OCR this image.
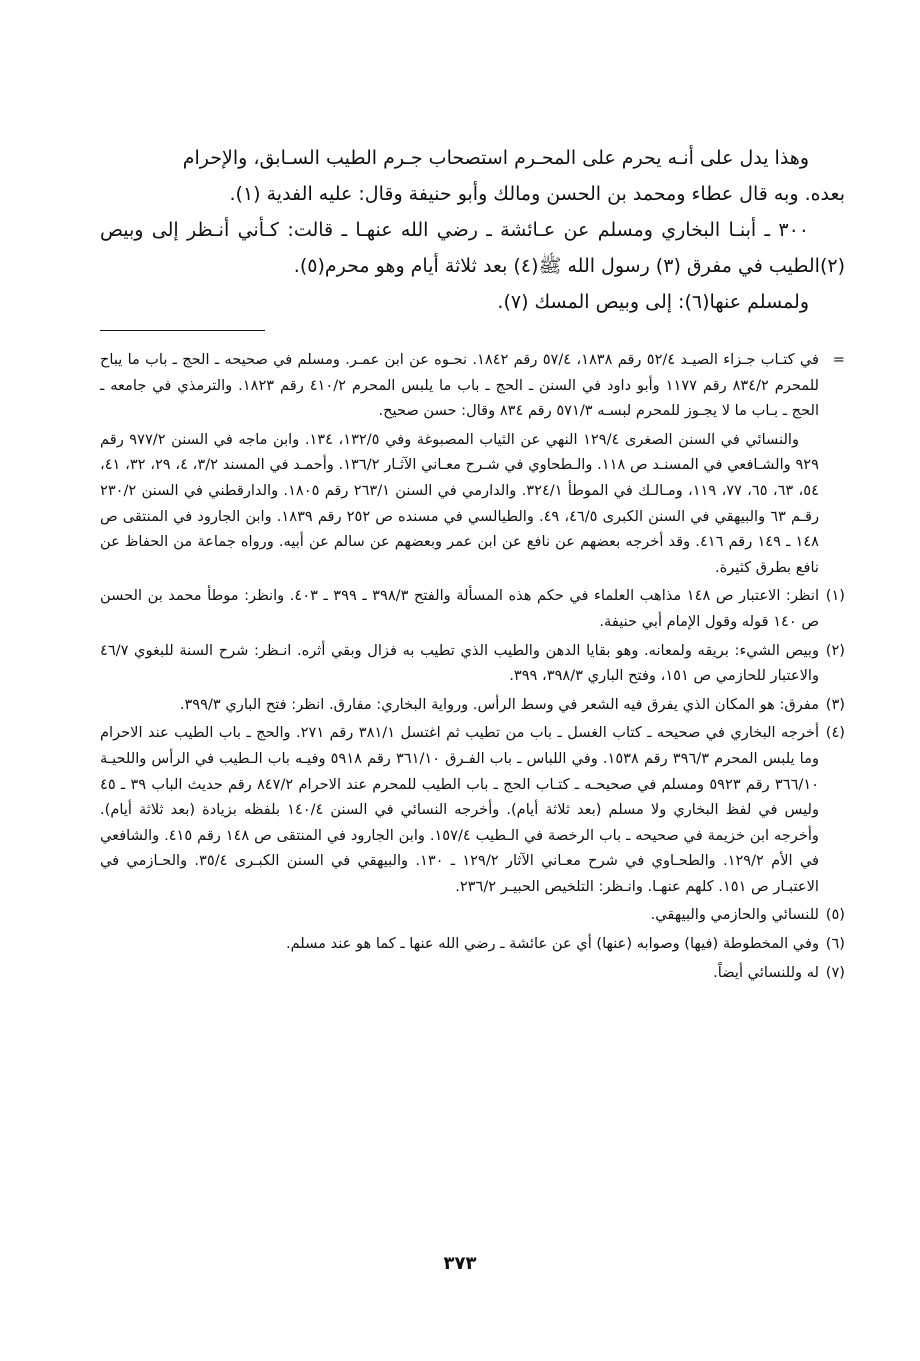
وهذا يدل على أنـه يحرم على المحـرم استصحاب جـرم الطيب السـابق، والإحرام

بعده. وبه قال عطاء ومحمد بن الحسن ومالك وأبو حنيفة وقال: عليه الفدية (١).

٣٠٠ ـ أبنـا البخاري ومسلم عن عـائشة ـ رضي الله عنهـا ـ قالت: كـأني أنـظر إلى وبيص (٢)الطيب في مفرق (٣) رسول الله ﷺ(٤) بعد ثلاثة أيام وهو محرم(٥).

ولمسلم عنها(٦): إلى وبيص المسك (٧).

=
في كتـاب جـزاء الصيـد ٥٢/٤ رقم ١٨٣٨، ٥٧/٤ رقم ١٨٤٢. نحـوه عن ابن عمـر. ومسلم في صحيحه ـ الحج ـ باب ما يباح للمحرم ٨٣٤/٢ رقم ١١٧٧ وأبو داود في السنن ـ الحج ـ باب ما يلبس المحرم ٤١٠/٢ رقم ١٨٢٣. والترمذي في جامعه ـ الحج ـ بـاب ما لا يجـوز للمحرم لبسـه ٥٧١/٣ رقم ٨٣٤ وقال: حسن صحيح.
والنسائي في السنن الصغرى ١٢٩/٤ النهي عن الثياب المصبوغة وفي ١٣٢/٥، ١٣٤. وابن ماجه في السنن ٩٧٧/٢ رقم ٩٢٩ والشـافعي في المسنـد ص ١١٨. والـطحاوي في شـرح معـاني الآثـار ١٣٦/٢. وأحمـد في المسند ٣/٢، ٤، ٢٩، ٣٢، ٤١، ٥٤، ٦٣، ٦٥، ٧٧، ١١٩، ومـالـك في الموطأ ٣٢٤/١. والدارمي في السنن ٢٦٣/١ رقم ١٨٠٥. والدارقطني في السنن ٢٣٠/٢ رقـم ٦٣ والبيهقي في السنن الكبرى ٤٦/٥، ٤٩. والطيالسي في مسنده ص ٢٥٢ رقم ١٨٣٩. وابن الجارود في المنتقى ص ١٤٨ ـ ١٤٩ رقم ٤١٦. وقد أخرجه بعضهم عن نافع عن ابن عمر وبعضهم عن سالم عن أبيه. ورواه جماعة من الحفاظ عن نافع بطرق كثيرة.
(١)
انظر: الاعتبار ص ١٤٨ مذاهب العلماء في حكم هذه المسألة والفتح ٣٩٨/٣ ـ ٣٩٩ ـ ٤٠٣. وانظر: موطأ محمد بن الحسن ص ١٤٠ قوله وقول الإمام أبي حنيفة.
(٢)
وبيص الشيء: بريقه ولمعانه. وهو بقايا الدهن والطيب الذي تطيب به فزال وبقي أثره. انـظر: شرح السنة للبغوي ٤٦/٧ والاعتبار للحازمي ص ١٥١، وفتح الباري ٣٩٨/٣، ٣٩٩.
(٣)
مفرق: هو المكان الذي يفرق فيه الشعر في وسط الرأس. ورواية البخاري: مفارق. انظر: فتح الباري ٣٩٩/٣.
(٤)
أخرجه البخاري في صحيحه ـ كتاب الغسل ـ باب من تطيب ثم اغتسل ٣٨١/١ رقم ٢٧١. والحج ـ باب الطيب عند الاحرام وما يلبس المحرم ٣٩٦/٣ رقم ١٥٣٨. وفي اللباس ـ باب الفـرق ٣٦١/١٠ رقم ٥٩١٨ وفيـه باب الـطيب في الرأس واللحيـة ٣٦٦/١٠ رقم ٥٩٢٣ ومسلم في صحيحـه ـ كتـاب الحج ـ باب الطيب للمحرم عند الاحرام ٨٤٧/٢ رقم حديث الباب ٣٩ ـ ٤٥ وليس في لفظ البخاري ولا مسلم (بعد ثلاثة أيام). وأخرجه النسائي في السنن ١٤٠/٤ بلفظه بزيادة (بعد ثلاثة أيام). وأخرجه ابن خزيمة في صحيحه ـ باب الرخصة في الـطيب ١٥٧/٤. وابن الجارود في المنتقى ص ١٤٨ رقم ٤١٥. والشافعي في الأم ١٢٩/٢. والطحـاوي في شرح معـاني الآثار ١٢٩/٢ ـ ١٣٠. والبيهقي في السنن الكبـرى ٣٥/٤. والحـازمي في الاعتبـار ص ١٥١. كلهم عنهـا. وانـظر: التلخيص الحبيـر ٢٣٦/٢.
(٥)
للنسائي والحازمي والبيهقي.
(٦)
وفي المخطوطة (فيها) وصوابه (عنها) أي عن عائشة ـ رضي الله عنها ـ كما هو عند مسلم.
(٧)
له وللنسائي أيضاً.
٣٧٣
